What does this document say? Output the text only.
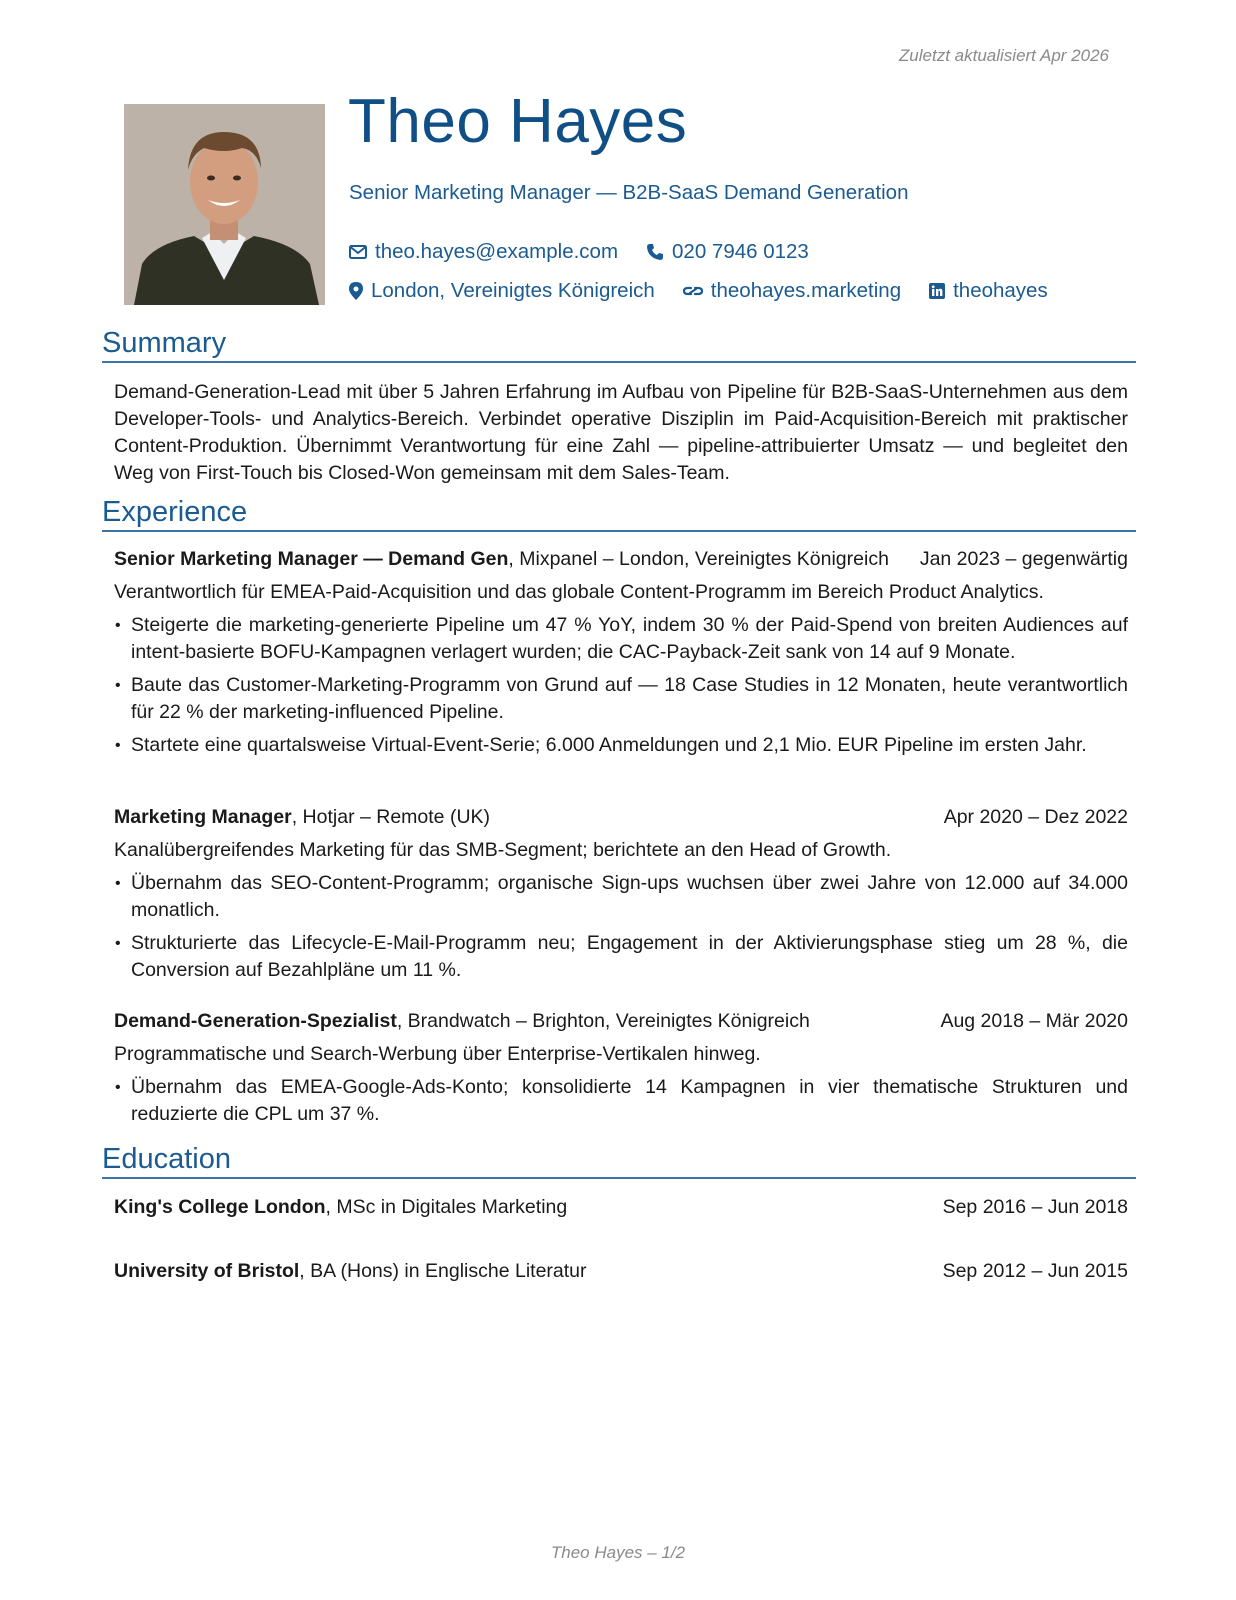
Zuletzt aktualisiert Apr 2026
Theo Hayes
Senior Marketing Manager — B2B-SaaS Demand Generation
theo.hayes@example.com	020 7946 0123
London, Vereinigtes Königreich	theohayes.marketing	theohayes
Summary
Demand-Generation-Lead mit über 5 Jahren Erfahrung im Aufbau von Pipeline für B2B-SaaS-Unternehmen aus dem Developer-Tools- und Analytics-Bereich. Verbindet operative Disziplin im Paid-Acquisition-Bereich mit praktischer Content-Produktion. Übernimmt Verantwortung für eine Zahl — pipeline-attribuierter Umsatz — und begleitet den Weg von First-Touch bis Closed-Won gemeinsam mit dem Sales-Team.
Experience
Senior Marketing Manager — Demand Gen, Mixpanel – London, Vereinigtes Königreich Jan 2023 – gegenwärtig
Verantwortlich für EMEA-Paid-Acquisition und das globale Content-Programm im Bereich Product Analytics.
• Steigerte die marketing-generierte Pipeline um 47 % YoY, indem 30 % der Paid-Spend von breiten Audiences auf intent-basierte BOFU-Kampagnen verlagert wurden; die CAC-Payback-Zeit sank von 14 auf 9 Monate.
• Baute das Customer-Marketing-Programm von Grund auf — 18 Case Studies in 12 Monaten, heute verantwortlich für 22 % der marketing-influenced Pipeline.
• Startete eine quartalsweise Virtual-Event-Serie; 6.000 Anmeldungen und 2,1 Mio. EUR Pipeline im ersten Jahr.
Marketing Manager, Hotjar – Remote (UK)	Apr 2020 – Dez 2022
Kanalübergreifendes Marketing für das SMB-Segment; berichtete an den Head of Growth.
• Übernahm das SEO-Content-Programm; organische Sign-ups wuchsen über zwei Jahre von 12.000 auf 34.000 monatlich.
• Strukturierte das Lifecycle-E-Mail-Programm neu; Engagement in der Aktivierungsphase stieg um 28 %, die Conversion auf Bezahlpläne um 11 %.
Demand-Generation-Spezialist, Brandwatch – Brighton, Vereinigtes Königreich	Aug 2018 – Mär 2020
Programmatische und Search-Werbung über Enterprise-Vertikalen hinweg.
• Übernahm das EMEA-Google-Ads-Konto; konsolidierte 14 Kampagnen in vier thematische Strukturen und reduzierte die CPL um 37 %.
Education
King's College London, MSc in Digitales Marketing	Sep 2016 – Jun 2018
University of Bristol, BA (Hons) in Englische Literatur	Sep 2012 – Jun 2015
Theo Hayes – 1/2
